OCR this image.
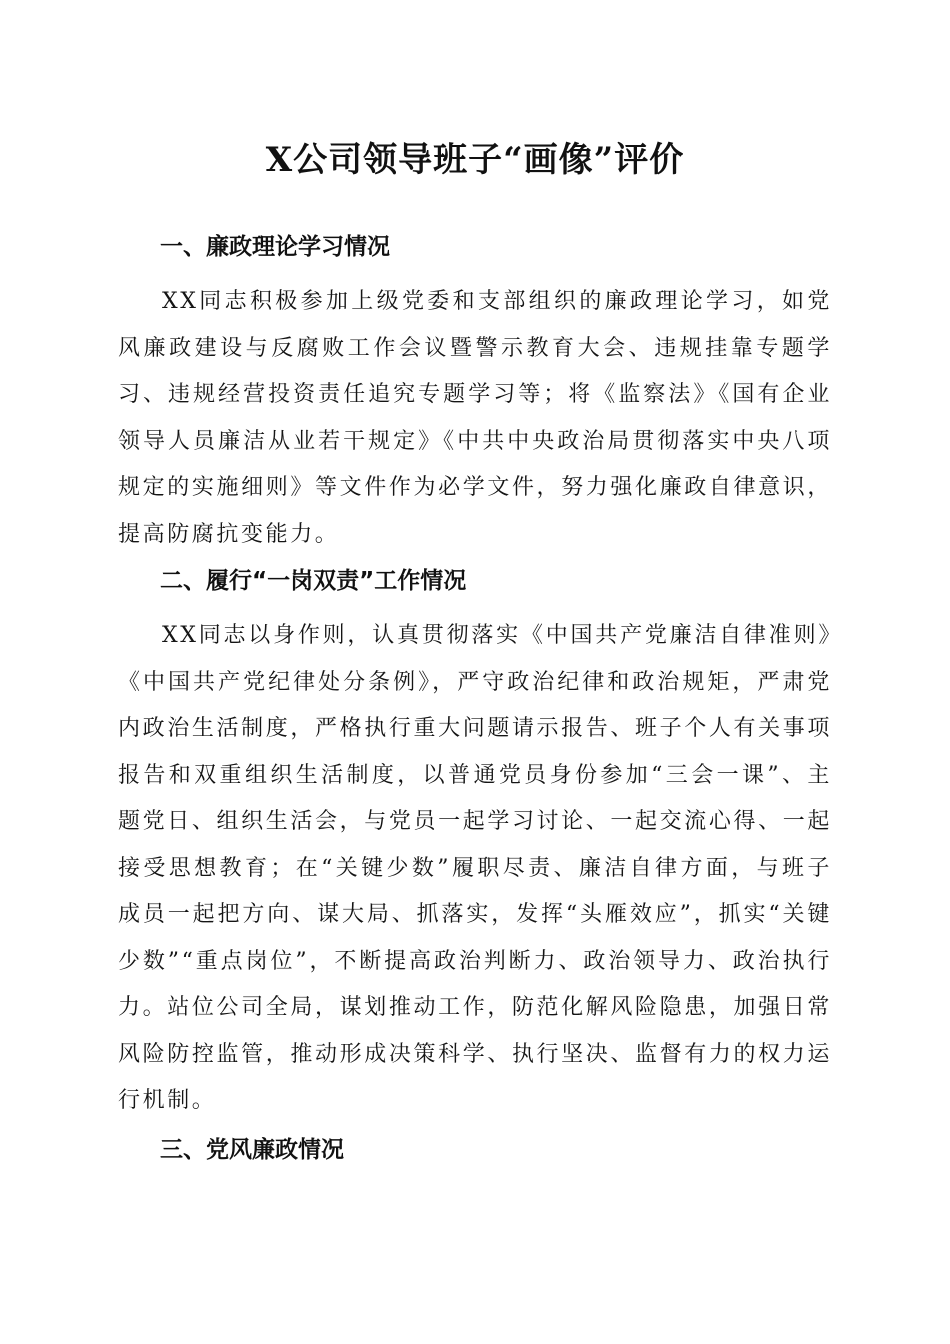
X公司领导班子“画像”评价
一、廉政理论学习情况

XX同志积极参加上级党委和支部组织的廉政理论学习，如党风廉政建设与反腐败工作会议暨警示教育大会、违规挂靠专题学习、违规经营投资责任追究专题学习等；将《监察法》《国有企业领导人员廉洁从业若干规定》《中共中央政治局贯彻落实中央八项规定的实施细则》等文件作为必学文件，努力强化廉政自律意识，提高防腐抗变能力。

二、履行“一岗双责”工作情况

XX同志以身作则，认真贯彻落实《中国共产党廉洁自律准则》《中国共产党纪律处分条例》，严守政治纪律和政治规矩，严肃党内政治生活制度，严格执行重大问题请示报告、班子个人有关事项报告和双重组织生活制度，以普通党员身份参加“三会一课”、主题党日、组织生活会，与党员一起学习讨论、一起交流心得、一起接受思想教育；在“关键少数”履职尽责、廉洁自律方面，与班子成员一起把方向、谋大局、抓落实，发挥“头雁效应”，抓实“关键少数”“重点岗位”，不断提高政治判断力、政治领导力、政治执行力。站位公司全局，谋划推动工作，防范化解风险隐患，加强日常风险防控监管，推动形成决策科学、执行坚决、监督有力的权力运行机制。

三、党风廉政情况
